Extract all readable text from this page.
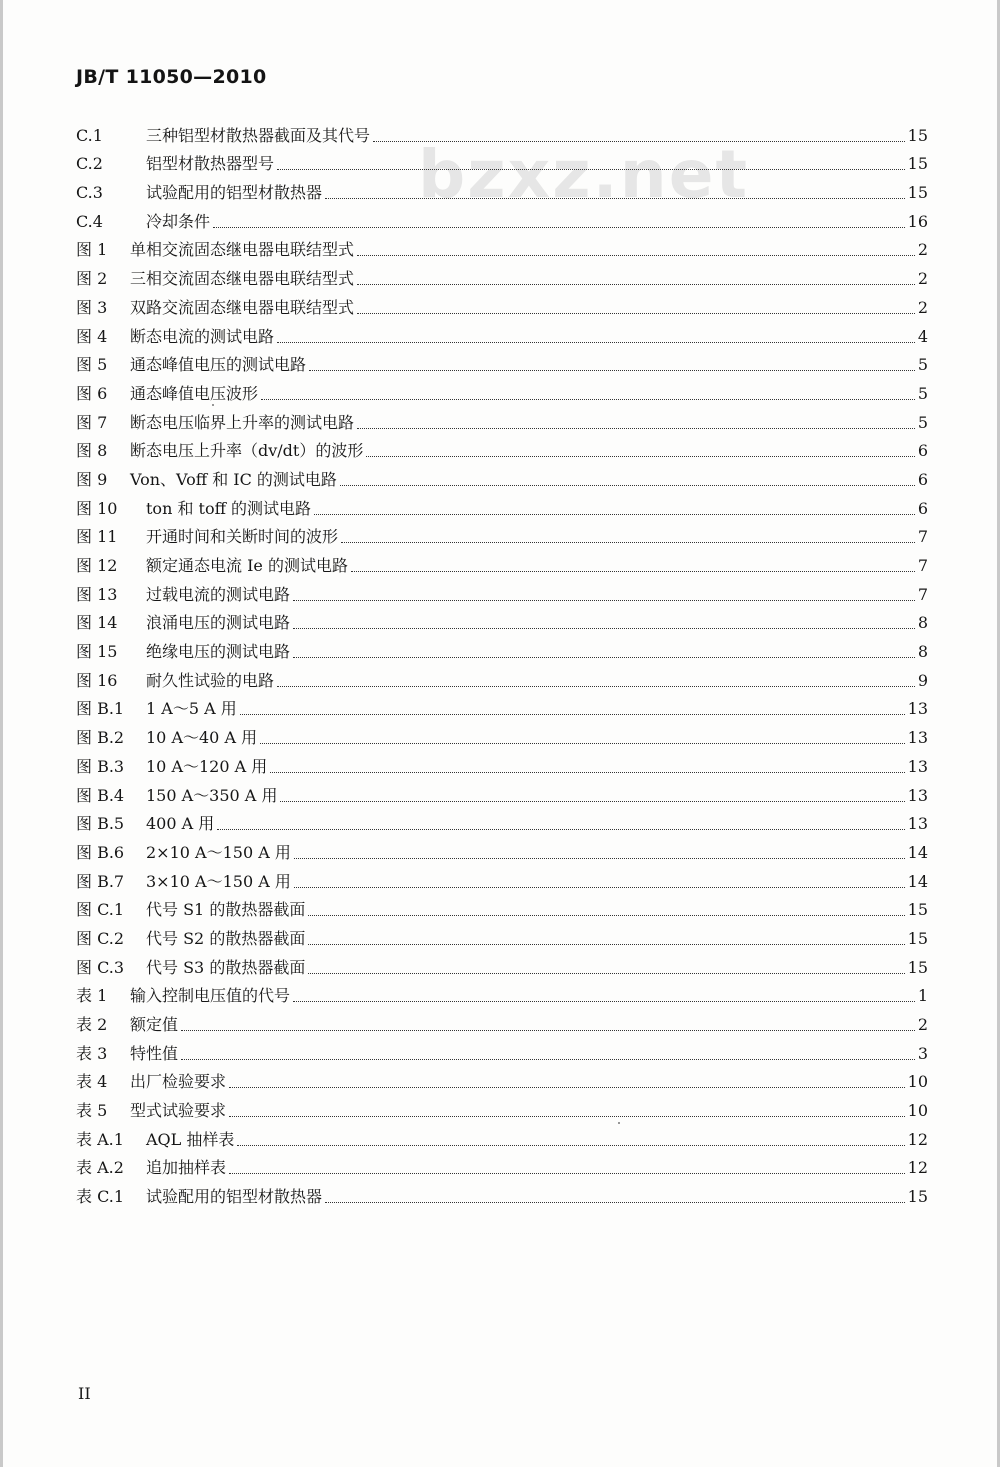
JB/T 11050—2010
bzxz.net
C.1	三种铝型材散热器截面及其代号	15
C.2	铝型材散热器型号	15
C.3	试验配用的铝型材散热器	15
C.4	冷却条件	16
图 1	单相交流固态继电器电联结型式	2
图 2	三相交流固态继电器电联结型式	2
图 3	双路交流固态继电器电联结型式	2
图 4	断态电流的测试电路	4
图 5	通态峰值电压的测试电路	5
图 6	通态峰值电压波形	5
图 7	断态电压临界上升率的测试电路	5
图 8	断态电压上升率（dv/dt）的波形	6
图 9	Von、Voff 和 IC 的测试电路	6
图 10	ton 和 toff 的测试电路	6
图 11	开通时间和关断时间的波形	7
图 12	额定通态电流 Ie 的测试电路	7
图 13	过载电流的测试电路	7
图 14	浪涌电压的测试电路	8
图 15	绝缘电压的测试电路	8
图 16	耐久性试验的电路	9
图 B.1	1 A～5 A 用	13
图 B.2	10 A～40 A 用	13
图 B.3	10 A～120 A 用	13
图 B.4	150 A～350 A 用	13
图 B.5	400 A 用	13
图 B.6	2×10 A～150 A 用	14
图 B.7	3×10 A～150 A 用	14
图 C.1	代号 S1 的散热器截面	15
图 C.2	代号 S2 的散热器截面	15
图 C.3	代号 S3 的散热器截面	15
表 1	输入控制电压值的代号	1
表 2	额定值	2
表 3	特性值	3
表 4	出厂检验要求	10
表 5	型式试验要求	10
表 A.1	AQL 抽样表	12
表 A.2	追加抽样表	12
表 C.1	试验配用的铝型材散热器	15
II
